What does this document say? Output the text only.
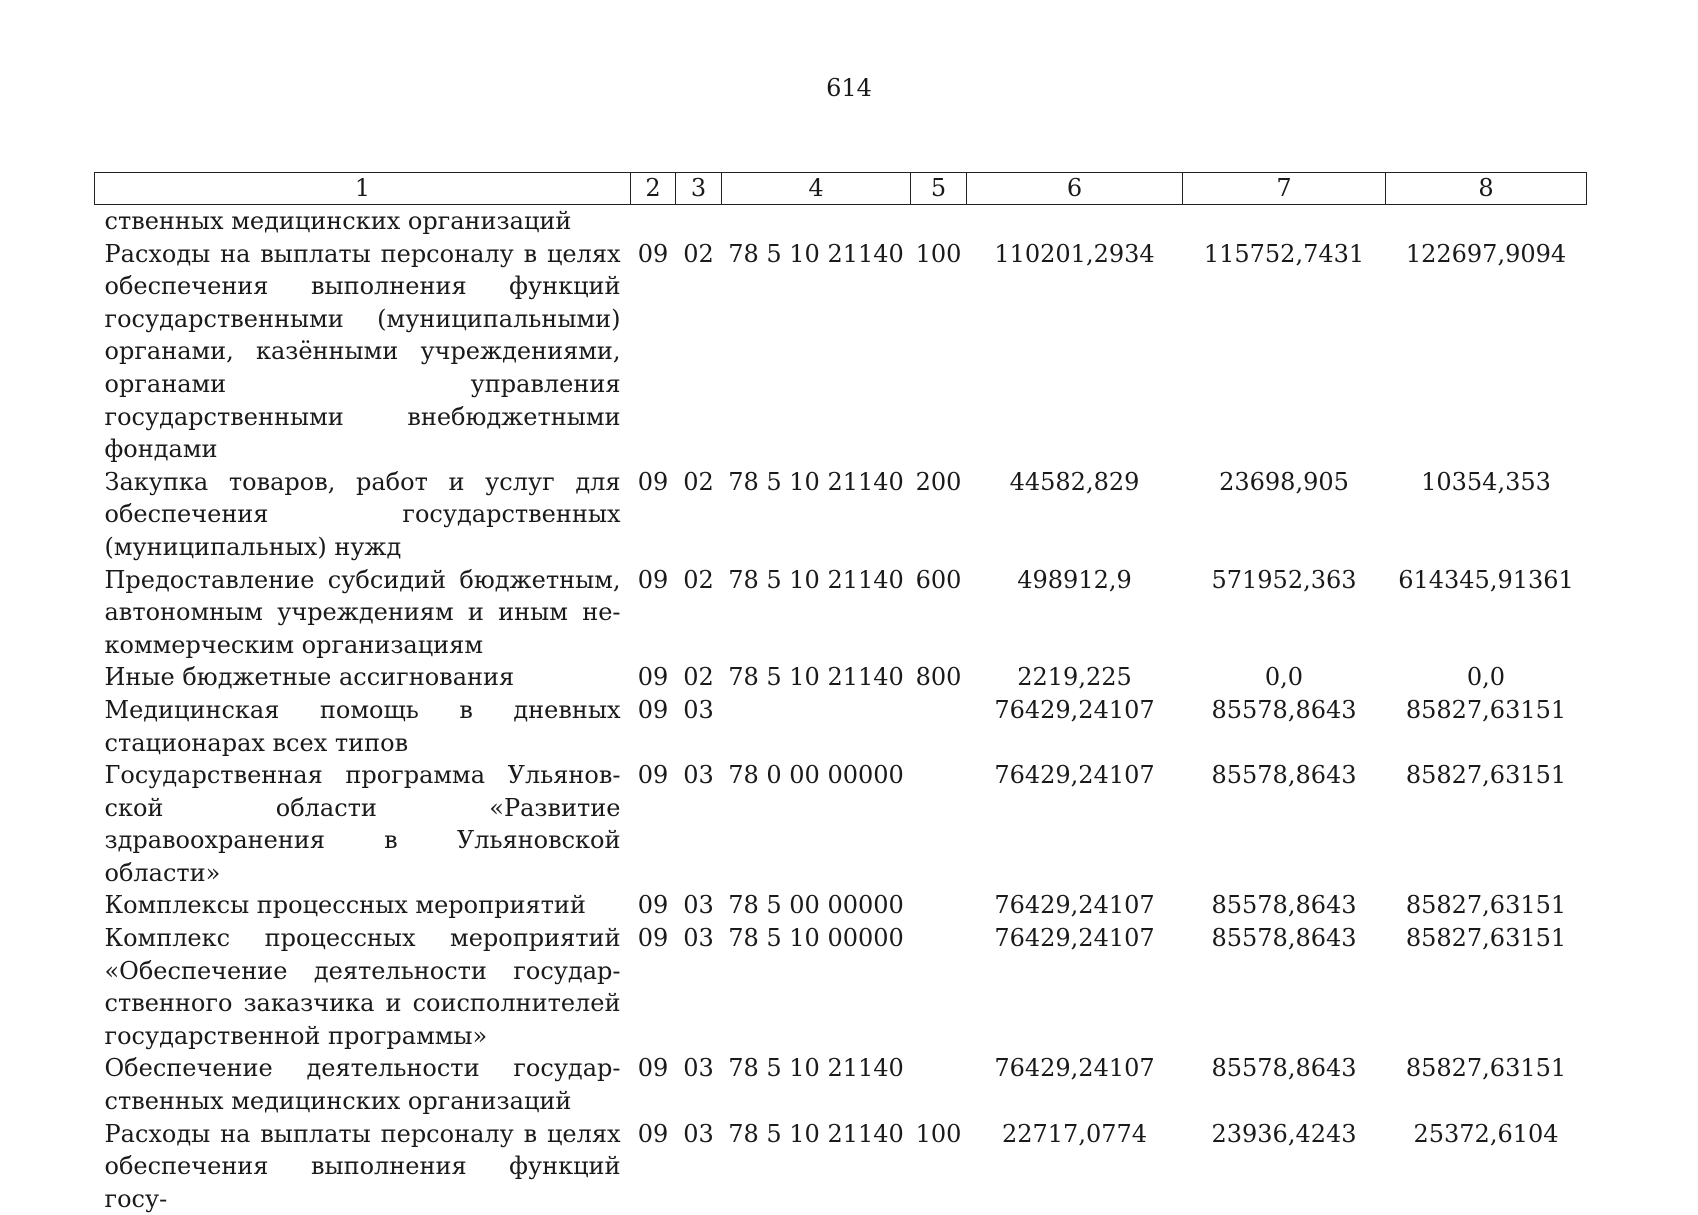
614
1	2	3	4	5	6	7	8
ственных медицинских организаций							
Расходы на выплаты персоналу в целях обеспечения выполнения функций государственными (муниципальными) органами, казёнными учреждениями, органами управления государственными внебюджетными фондами	09	02	78 5 10 21140	100	110201,2934	115752,7431	122697,9094
Закупка товаров, работ и услуг для обеспечения государственных (муниципальных) нужд	09	02	78 5 10 21140	200	44582,829	23698,905	10354,353
Предоставление субсидий бюджетным, автономным учреждениям и иным некоммерческим организациям	09	02	78 5 10 21140	600	498912,9	571952,363	614345,91361
Иные бюджетные ассигнования	09	02	78 5 10 21140	800	2219,225	0,0	0,0
Медицинская помощь в дневных стационарах всех типов	09	03			76429,24107	85578,8643	85827,63151
Государственная программа Ульяновской области «Развитие здравоохранения в Ульяновской области»	09	03	78 0 00 00000		76429,24107	85578,8643	85827,63151
Комплексы процессных мероприятий	09	03	78 5 00 00000		76429,24107	85578,8643	85827,63151
Комплекс процессных мероприятий «Обеспечение деятельности государственного заказчика и соисполнителей государственной программы»	09	03	78 5 10 00000		76429,24107	85578,8643	85827,63151
Обеспечение деятельности государственных медицинских организаций	09	03	78 5 10 21140		76429,24107	85578,8643	85827,63151
Расходы на выплаты персоналу в целях обеспечения выполнения функций госу-	09	03	78 5 10 21140	100	22717,0774	23936,4243	25372,6104
